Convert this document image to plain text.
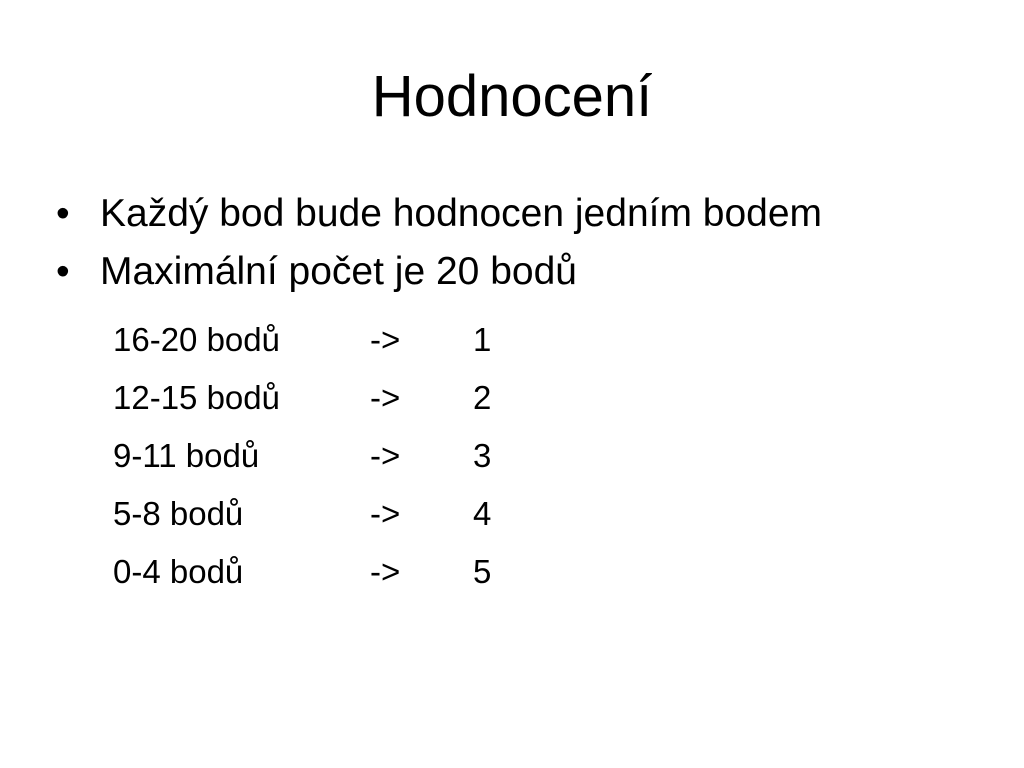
Hodnocení
• Každý bod bude hodnocen jedním bodem
• Maximální počet je 20 bodů
16-20 bodů	->	1
12-15 bodů	->	2
9-11 bodů	->	3
5-8 bodů	->	4
0-4 bodů	->	5
